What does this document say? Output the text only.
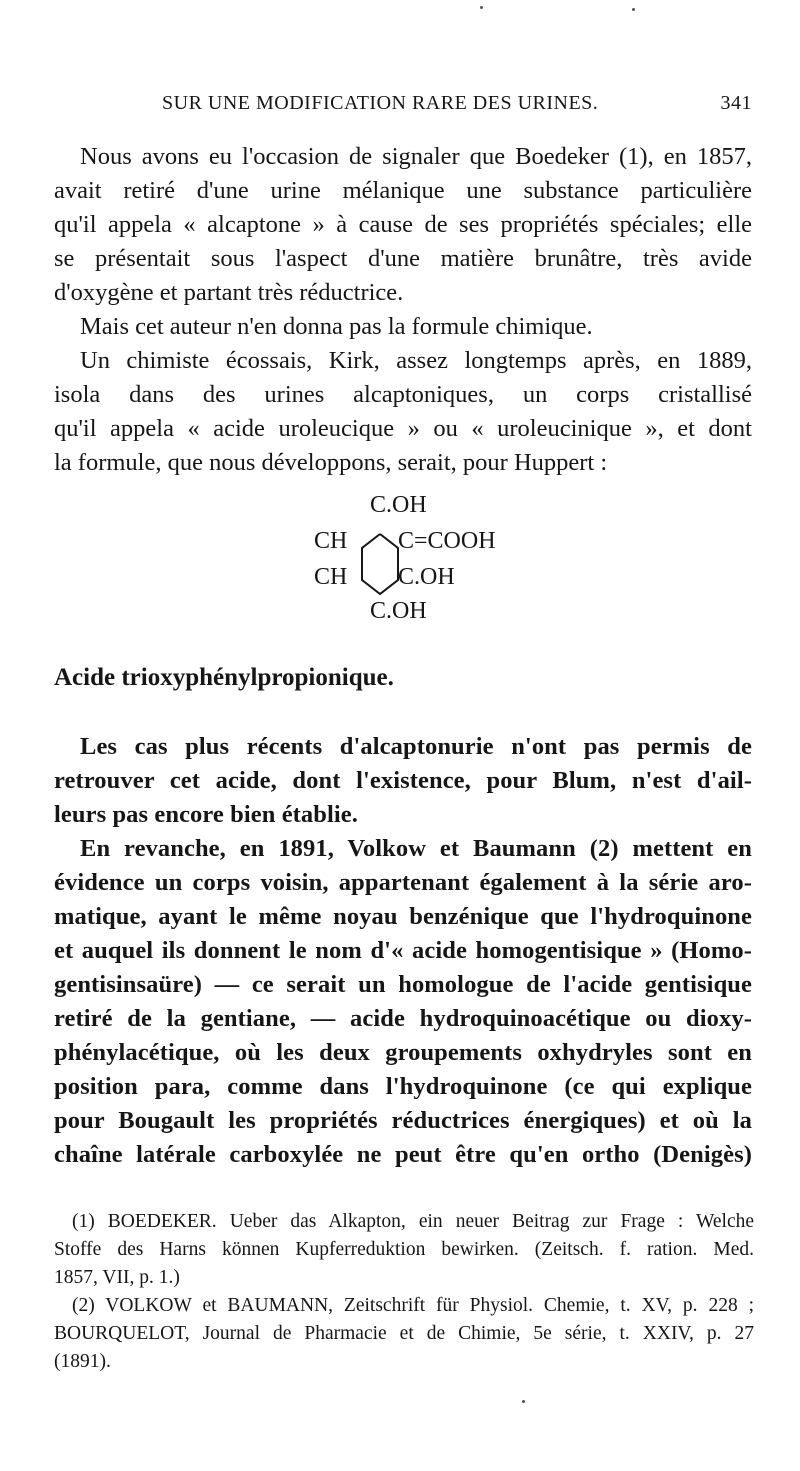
SUR UNE MODIFICATION RARE DES URINES.	341
Nous avons eu l'occasion de signaler que Boedeker (1), en 1857,
avait retiré d'une urine mélanique une substance particulière
qu'il appela « alcaptone » à cause de ses propriétés spéciales; elle
se présentait sous l'aspect d'une matière brunâtre, très avide
d'oxygène et partant très réductrice.
Mais cet auteur n'en donna pas la formule chimique.
Un chimiste écossais, Kirk, assez longtemps après, en 1889,
isola dans des urines alcaptoniques, un corps cristallisé
qu'il appela « acide uroleucique » ou « uroleucinique », et dont
la formule, que nous développons, serait, pour Huppert :
C.OH
CH
CH
C=COOH
C.OH
C.OH
Acide trioxyphénylpropionique.
Les cas plus récents d'alcaptonurie n'ont pas permis de
retrouver cet acide, dont l'existence, pour Blum, n'est d'ail-
leurs pas encore bien établie.
En revanche, en 1891, Volkow et Baumann (2) mettent en
évidence un corps voisin, appartenant également à la série aro-
matique, ayant le même noyau benzénique que l'hydroquinone
et auquel ils donnent le nom d'« acide homogentisique » (Homo-
gentisinsaüre) — ce serait un homologue de l'acide gentisique
retiré de la gentiane, — acide hydroquinoacétique ou dioxy-
phénylacétique, où les deux groupements oxhydryles sont en
position para, comme dans l'hydroquinone (ce qui explique
pour Bougault les propriétés réductrices énergiques) et où la
chaîne latérale carboxylée ne peut être qu'en ortho (Denigès)
(1) BOEDEKER. Ueber das Alkapton, ein neuer Beitrag zur Frage : Welche
Stoffe des Harns können Kupferreduktion bewirken. (Zeitsch. f. ration. Med.
1857, VII, p. 1.)
(2) VOLKOW et BAUMANN, Zeitschrift für Physiol. Chemie, t. XV, p. 228 ;
BOURQUELOT, Journal de Pharmacie et de Chimie, 5e série, t. XXIV, p. 27
(1891).
